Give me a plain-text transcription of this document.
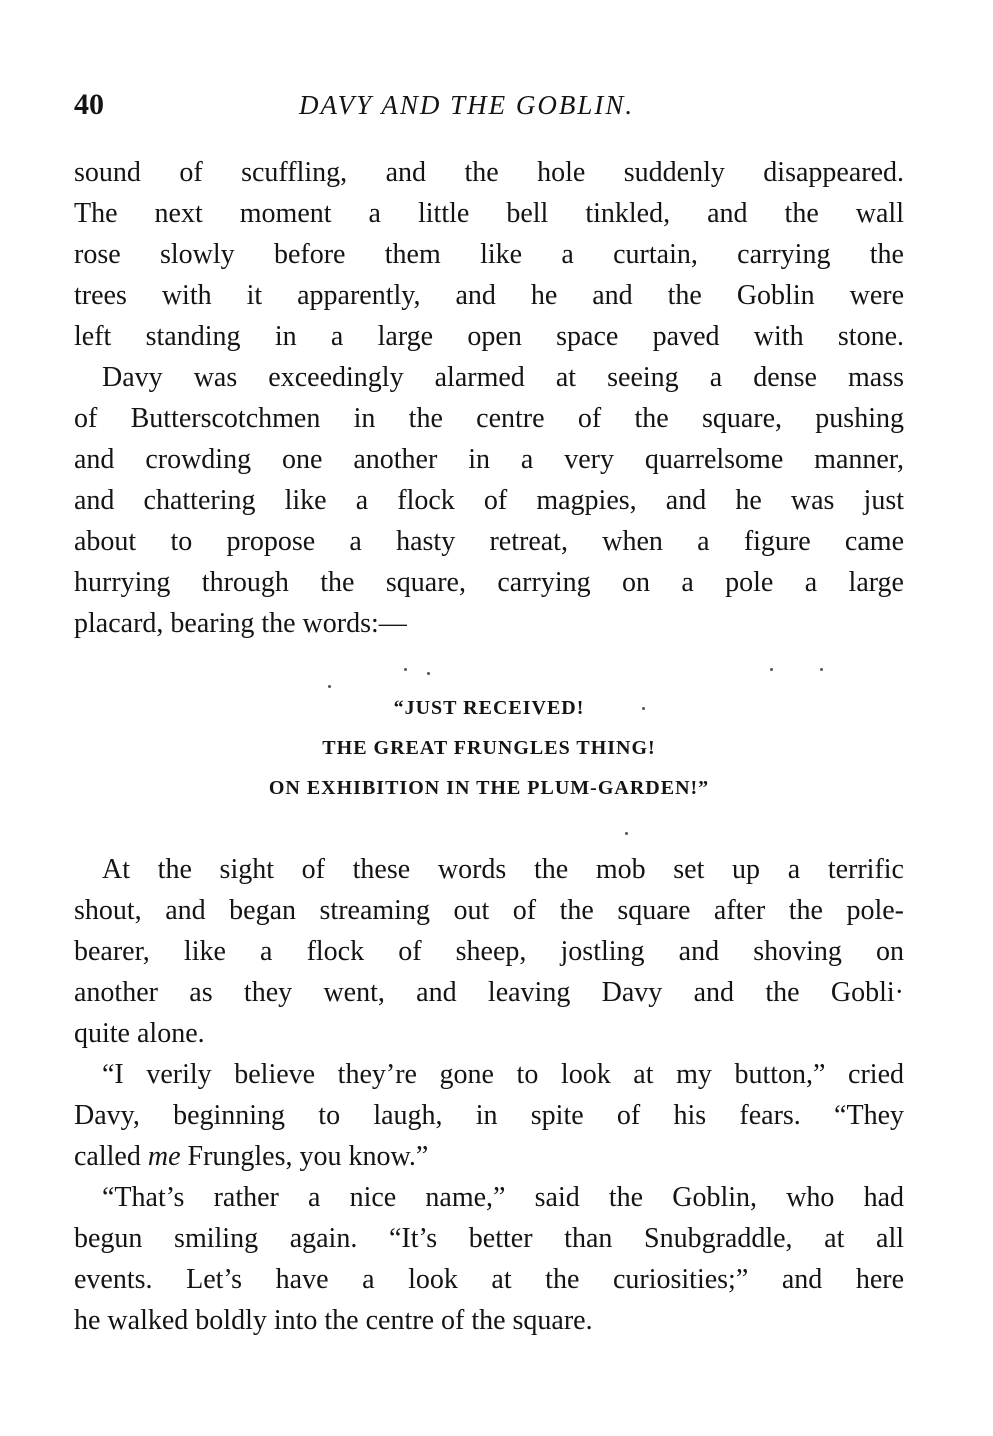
40	DAVY AND THE GOBLIN.
sound of scuffling, and the hole suddenly disappeared.
The next moment a little bell tinkled, and the wall
rose slowly before them like a curtain, carrying the
trees with it apparently, and he and the Goblin were
left standing in a large open space paved with stone.
Davy was exceedingly alarmed at seeing a dense mass
of Butterscotchmen in the centre of the square, pushing
and crowding one another in a very quarrelsome manner,
and chattering like a flock of magpies, and he was just
about to propose a hasty retreat, when a figure came
hurrying through the square, carrying on a pole a large
placard, bearing the words:—
“JUST RECEIVED!
THE GREAT FRUNGLES THING!
ON EXHIBITION IN THE PLUM-GARDEN!”
At the sight of these words the mob set up a terrific
shout, and began streaming out of the square after the pole-
bearer, like a flock of sheep, jostling and shoving on
another as they went, and leaving Davy and the Gobli·
quite alone.
“I verily believe they’re gone to look at my button,” cried
Davy, beginning to laugh, in spite of his fears. “They
called me Frungles, you know.”
“That’s rather a nice name,” said the Goblin, who had
begun smiling again. “It’s better than Snubgraddle, at all
events. Let’s have a look at the curiosities;” and here
he walked boldly into the centre of the square.
